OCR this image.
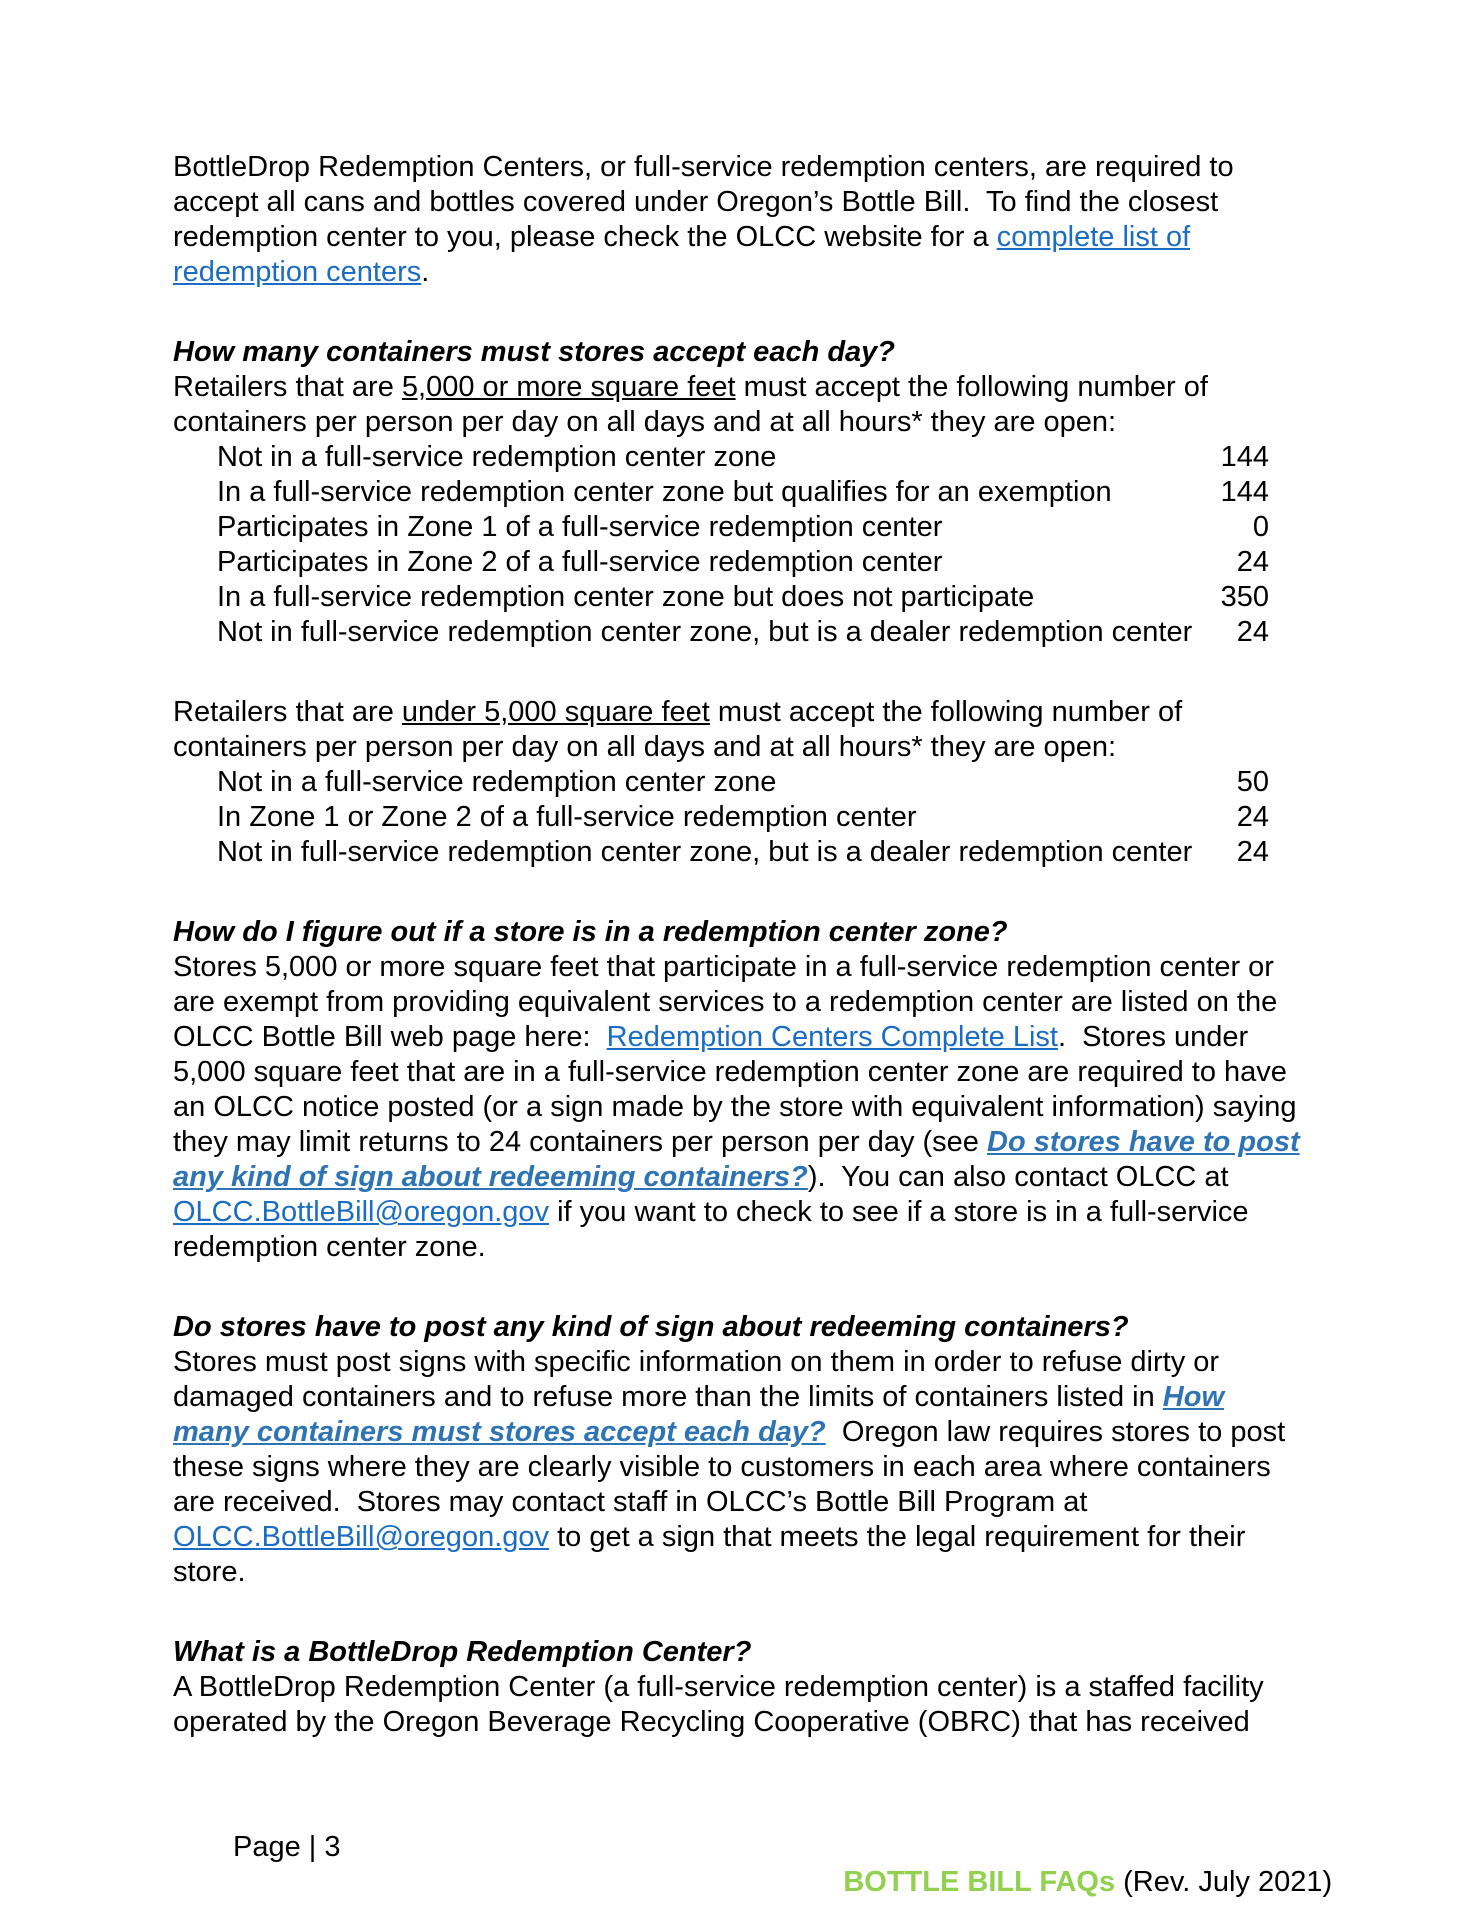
BottleDrop Redemption Centers, or full-service redemption centers, are required to
accept all cans and bottles covered under Oregon’s Bottle Bill.  To find the closest
redemption center to you, please check the OLCC website for a complete list of
redemption centers.
How many containers must stores accept each day?
Retailers that are 5,000 or more square feet must accept the following number of
containers per person per day on all days and at all hours* they are open:
Not in a full-service redemption center zone	144
In a full-service redemption center zone but qualifies for an exemption	144
Participates in Zone 1 of a full-service redemption center	0
Participates in Zone 2 of a full-service redemption center	24
In a full-service redemption center zone but does not participate	350
Not in full-service redemption center zone, but is a dealer redemption center 24
Retailers that are under 5,000 square feet must accept the following number of
containers per person per day on all days and at all hours* they are open:
Not in a full-service redemption center zone	50
In Zone 1 or Zone 2 of a full-service redemption center	24
Not in full-service redemption center zone, but is a dealer redemption center 24
How do I figure out if a store is in a redemption center zone?
Stores 5,000 or more square feet that participate in a full-service redemption center or
are exempt from providing equivalent services to a redemption center are listed on the
OLCC Bottle Bill web page here:  Redemption Centers Complete List.  Stores under
5,000 square feet that are in a full-service redemption center zone are required to have
an OLCC notice posted (or a sign made by the store with equivalent information) saying
they may limit returns to 24 containers per person per day (see Do stores have to post
any kind of sign about redeeming containers?).  You can also contact OLCC at
OLCC.BottleBill@oregon.gov if you want to check to see if a store is in a full-service
redemption center zone.
Do stores have to post any kind of sign about redeeming containers?
Stores must post signs with specific information on them in order to refuse dirty or
damaged containers and to refuse more than the limits of containers listed in How
many containers must stores accept each day?  Oregon law requires stores to post
these signs where they are clearly visible to customers in each area where containers
are received.  Stores may contact staff in OLCC’s Bottle Bill Program at
OLCC.BottleBill@oregon.gov to get a sign that meets the legal requirement for their
store.
What is a BottleDrop Redemption Center?
A BottleDrop Redemption Center (a full-service redemption center) is a staffed facility
operated by the Oregon Beverage Recycling Cooperative (OBRC) that has received
Page | 3

BOTTLE BILL FAQs (Rev. July 2021)
